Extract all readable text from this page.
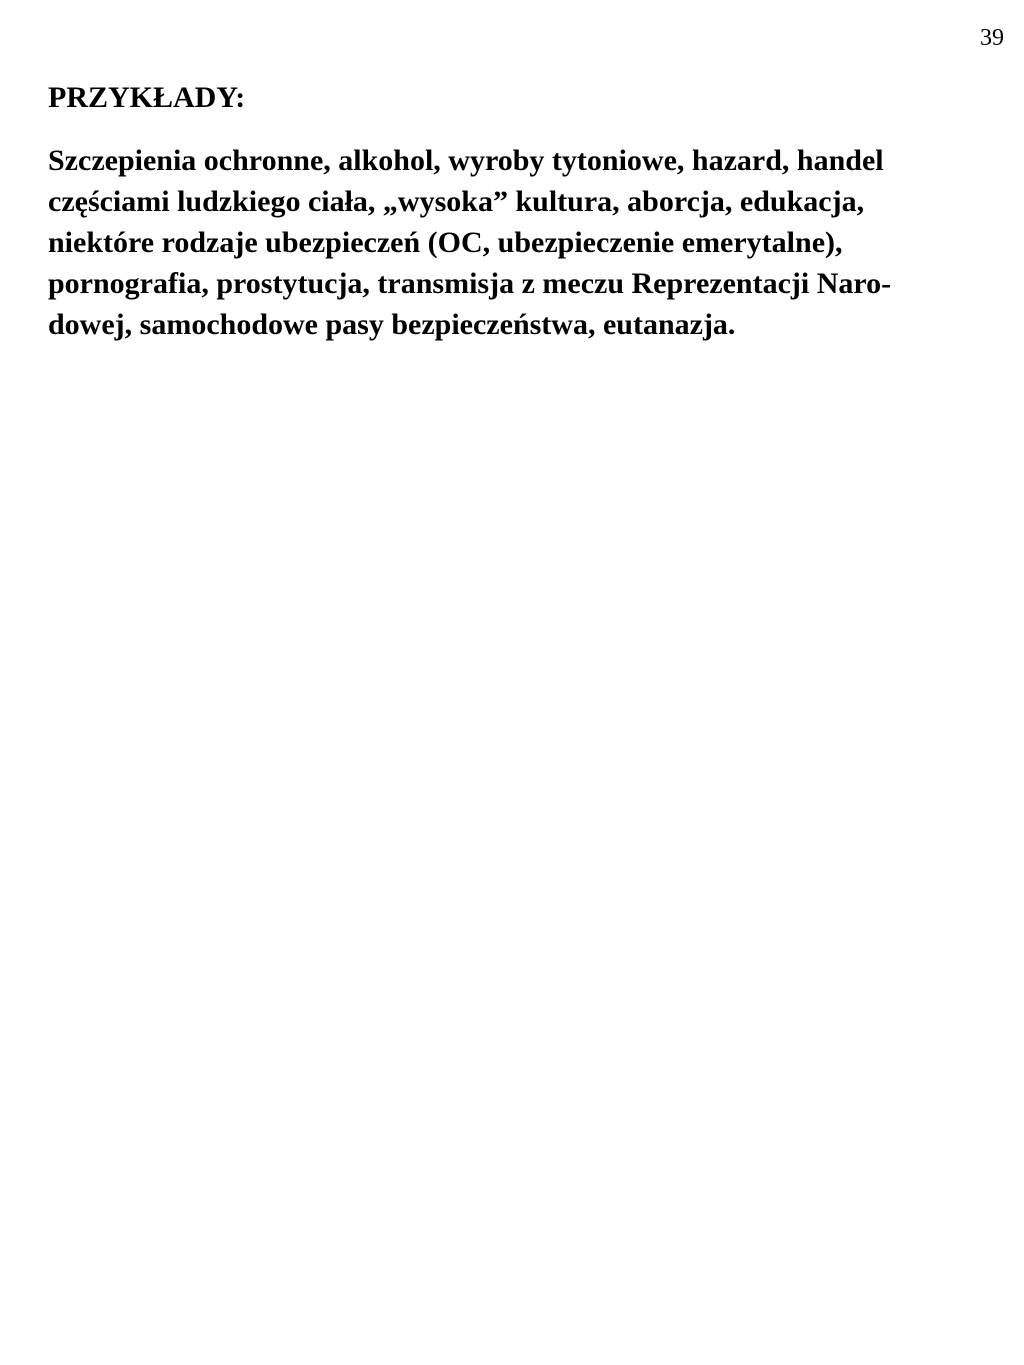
39
PRZYKŁADY:

Szczepienia ochronne, alkohol, wyroby tytoniowe, hazard, handel
częściami ludzkiego ciała, „wysoka” kultura, aborcja, edukacja,
niektóre rodzaje ubezpieczeń (OC, ubezpieczenie emerytalne),
pornografia, prostytucja, transmisja z meczu Reprezentacji Naro-
dowej, samochodowe pasy bezpieczeństwa, eutanazja.
